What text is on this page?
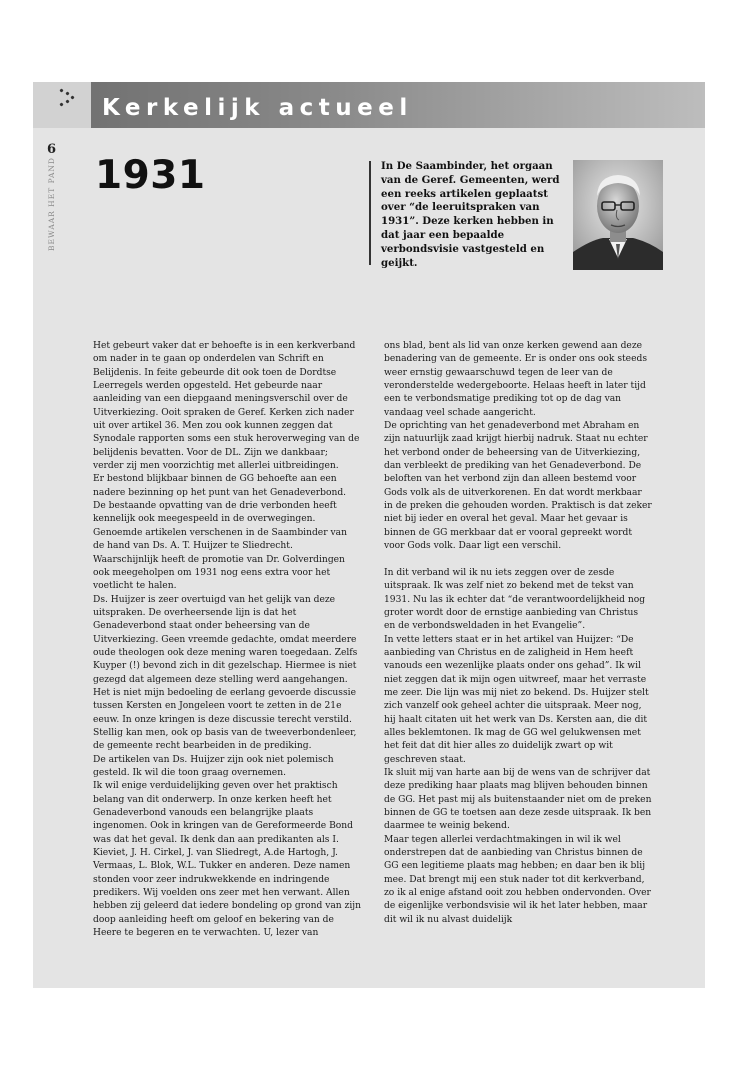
Kerkelijk actueel
6
BEWAAR HET PAND 1931	In De Saambinder, het orgaan van de Geref. Gemeenten, werd een reeks artikelen geplaatst over “de leeruitspraken van 1931”. Deze kerken hebben in dat jaar een bepaalde verbondsvisie vastgesteld en geijkt.

Het gebeurt vaker dat er behoefte is in een kerkverband om nader in te gaan op onderdelen van Schrift en Belijdenis. In feite gebeurde dit ook toen de Dordtse Leerregels werden opgesteld. Het gebeurde naar aanleiding van een diepgaand meningsverschil over de Uitverkiezing. Ooit spraken de Geref. Kerken zich nader uit over artikel 36. Men zou ook kunnen zeggen dat Synodale rapporten soms een stuk heroverweging van de belijdenis bevatten. Voor de DL. Zijn we dankbaar; verder zij men voorzichtig met allerlei uitbreidingen.

Er bestond blijkbaar binnen de GG behoefte aan een nadere bezinning op het punt van het Genadeverbond. De bestaande opvatting van de drie verbonden heeft kennelijk ook meegespeeld in de overwegingen.

Genoemde artikelen verschenen in de Saambinder van de hand van Ds. A. T. Huijzer te Sliedrecht. Waarschijnlijk heeft de promotie van Dr. Golverdingen ook meegeholpen om 1931 nog eens extra voor het voetlicht te halen.

Ds. Huijzer is zeer overtuigd van het gelijk van deze uitspraken. De overheersende lijn is dat het Genadeverbond staat onder beheersing van de Uitverkiezing. Geen vreemde gedachte, omdat meerdere oude theologen ook deze mening waren toegedaan. Zelfs Kuyper (!) bevond zich in dit gezelschap. Hiermee is niet gezegd dat algemeen deze stelling werd aangehangen.

Het is niet mijn bedoeling de eerlang gevoerde discussie tussen Kersten en Jongeleen voort te zetten in de 21e eeuw. In onze kringen is deze discussie terecht verstild. Stellig kan men, ook op basis van de tweeverbondenleer, de gemeente recht bearbeiden in de prediking.

De artikelen van Ds. Huijzer zijn ook niet polemisch gesteld. Ik wil die toon graag overnemen.

Ik wil enige verduidelijking geven over het praktisch belang van dit onderwerp. In onze kerken heeft het Genadeverbond vanouds een belangrijke plaats ingenomen. Ook in kringen van de Gereformeerde Bond was dat het geval. Ik denk dan aan predikanten als I. Kieviet, J. H. Cirkel, J. van Sliedregt, A.de Hartogh, J. Vermaas, L. Blok, W.L. Tukker en anderen. Deze namen stonden voor zeer indrukwekkende en indringende predikers. Wij voelden ons zeer met hen verwant. Allen hebben zij geleerd dat iedere bondeling op grond van zijn doop aanleiding heeft om geloof en bekering van de Heere te begeren en te verwachten. U, lezer van

ons blad, bent als lid van onze kerken gewend aan deze benadering van de gemeente. Er is onder ons ook steeds weer ernstig gewaarschuwd tegen de leer van de veronderstelde wedergeboorte. Helaas heeft in later tijd een te verbondsmatige prediking tot op de dag van vandaag veel schade aangericht.

De oprichting van het genadeverbond met Abraham en zijn natuurlijk zaad krijgt hierbij nadruk. Staat nu echter het verbond onder de beheersing van de Uitverkiezing, dan verbleekt de prediking van het Genadeverbond. De beloften van het verbond zijn dan alleen bestemd voor Gods volk als de uitverkorenen. En dat wordt merkbaar in de preken die gehouden worden. Praktisch is dat zeker niet bij ieder en overal het geval. Maar het gevaar is binnen de GG merkbaar dat er vooral gepreekt wordt voor Gods volk. Daar ligt een verschil.

In dit verband wil ik nu iets zeggen over de zesde uitspraak. Ik was zelf niet zo bekend met de tekst van 1931. Nu las ik echter dat “de verantwoordelijkheid nog groter wordt door de ernstige aanbieding van Christus en de verbondsweldaden in het Evangelie”.

In vette letters staat er in het artikel van Huijzer: “De aanbieding van Christus en de zaligheid in Hem heeft vanouds een wezenlijke plaats onder ons gehad”. Ik wil niet zeggen dat ik mijn ogen uitwreef, maar het verraste me zeer. Die lijn was mij niet zo bekend. Ds. Huijzer stelt zich vanzelf ook geheel achter die uitspraak. Meer nog, hij haalt citaten uit het werk van Ds. Kersten aan, die dit alles beklemtonen. Ik mag de GG wel gelukwensen met het feit dat dit hier alles zo duidelijk zwart op wit geschreven staat.

Ik sluit mij van harte aan bij de wens van de schrijver dat deze prediking haar plaats mag blijven behouden binnen de GG. Het past mij als buitenstaander niet om de preken binnen de GG te toetsen aan deze zesde uitspraak. Ik ben daarmee te weinig bekend.

Maar tegen allerlei verdachtmakingen in wil ik wel onderstrepen dat de aanbieding van Christus binnen de GG een legitieme plaats mag hebben; en daar ben ik blij mee. Dat brengt mij een stuk nader tot dit kerkverband, zo ik al enige afstand ooit zou hebben ondervonden. Over de eigenlijke verbondsvisie wil ik het later hebben, maar dit wil ik nu alvast duidelijk
